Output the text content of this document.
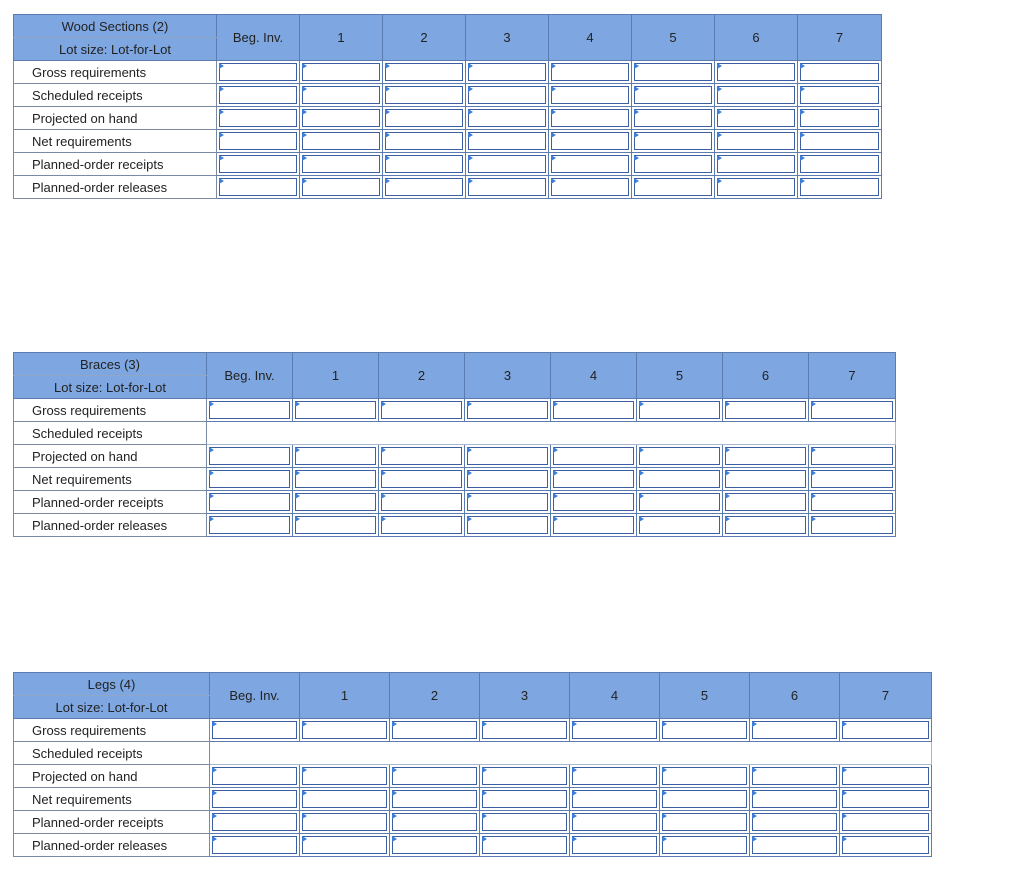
Wood Sections (2)	Beg. Inv.	1	2	3	4	5	6	7
Lot size: Lot-for-Lot								
Gross requirements	

Scheduled receipts	

Projected on hand	

Net requirements	

Planned-order receipts	

Planned-order releases	

Braces (3)	Beg. Inv.	1	2	3	4	5	6	7
Lot size: Lot-for-Lot								
Gross requirements	

Scheduled receipts								
Projected on hand	

Net requirements	

Planned-order receipts	

Planned-order releases	

Legs (4)	Beg. Inv.	1	2	3	4	5	6	7
Lot size: Lot-for-Lot								
Gross requirements	

Scheduled receipts								
Projected on hand	

Net requirements	

Planned-order receipts	

Planned-order releases	
